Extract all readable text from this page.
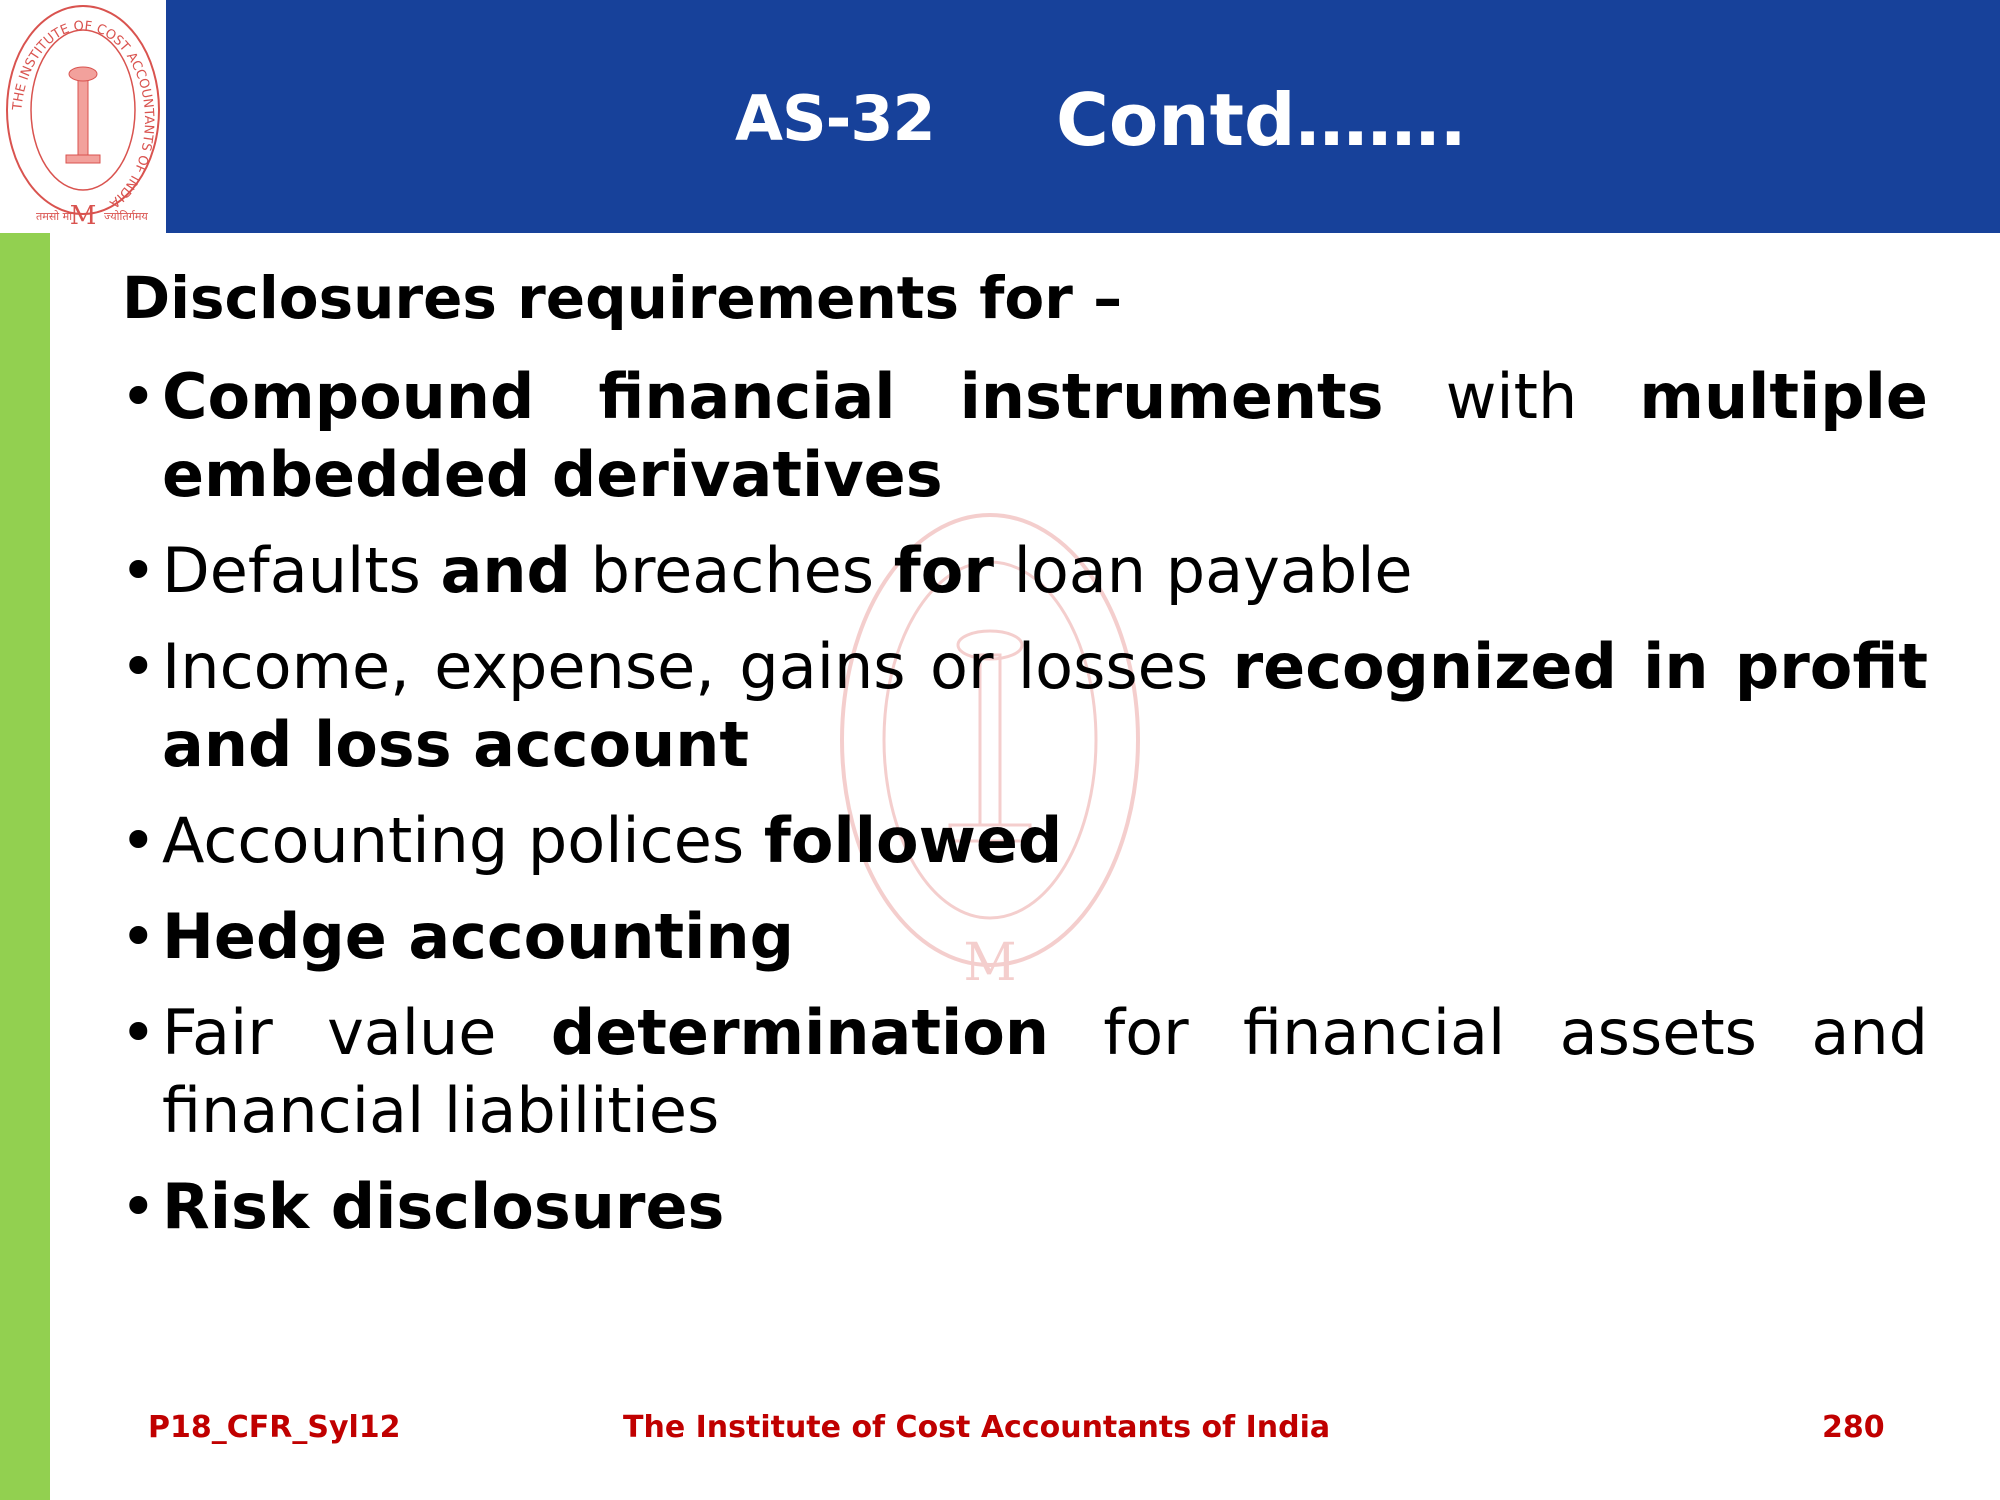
AS-32 Contd…….
THE INSTITUTE OF COST ACCOUNTANTS OF INDIA
M
तमसो मा	ज्योतिर्गमय
M
Disclosures requirements for –
• Compound financial instruments with multiple embedded derivatives
• Defaults and breaches for loan payable
• Income, expense, gains or losses recognized in profit and loss account
• Accounting polices followed
• Hedge accounting
• Fair value determination for financial assets and financial liabilities
• Risk disclosures
P18_CFR_Syl12	The Institute of Cost Accountants of India	280
